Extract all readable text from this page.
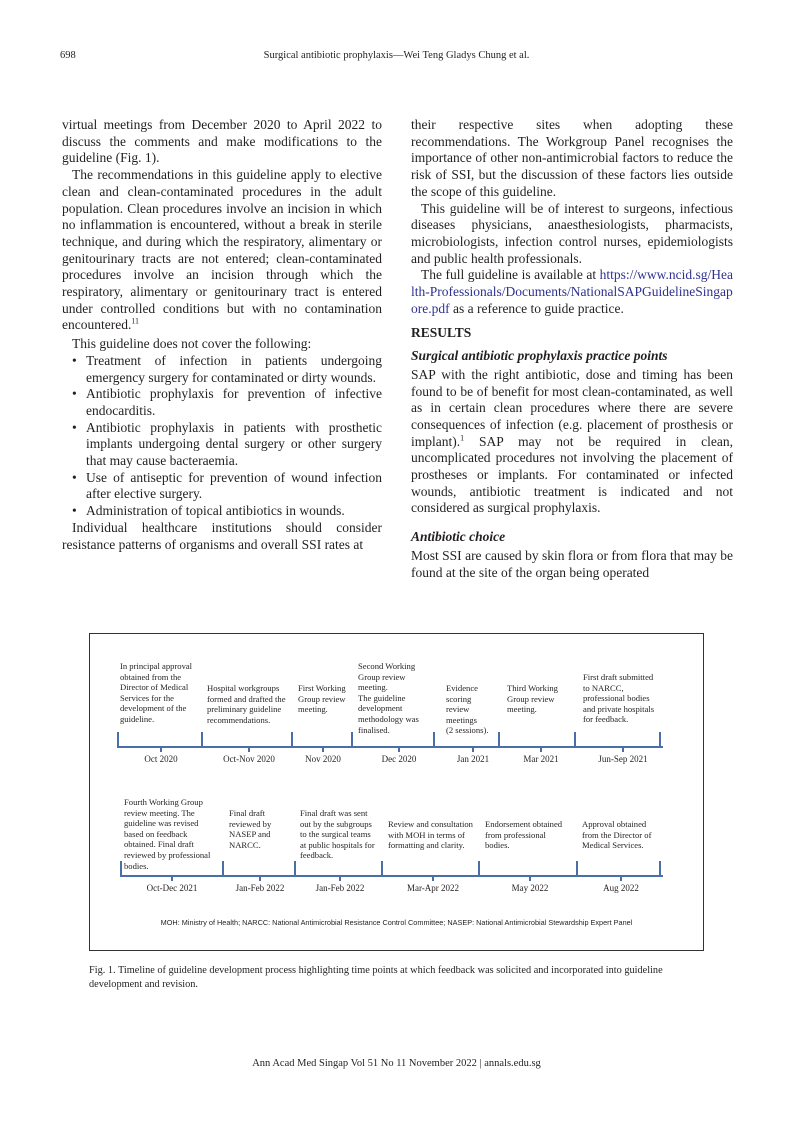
698	Surgical antibiotic prophylaxis—Wei Teng Gladys Chung et al.

virtual meetings from December 2020 to April 2022 to discuss the comments and make modifications to the guideline (Fig. 1).

The recommendations in this guideline apply to elective clean and clean-contaminated procedures in the adult population. Clean procedures involve an incision in which no inflammation is encountered, without a break in sterile technique, and during which the respiratory, alimentary or genitourinary tracts are not entered; clean-contaminated procedures involve an incision through which the respiratory, alimentary or genitourinary tract is entered under controlled conditions but with no contamination encountered.$^{11}$

This guideline does not cover the following:

• Treatment of infection in patients undergoing emergency surgery for contaminated or dirty wounds.
• Antibiotic prophylaxis for prevention of infective endocarditis.
• Antibiotic prophylaxis in patients with prosthetic implants undergoing dental surgery or other surgery that may cause bacteraemia.
• Use of antiseptic for prevention of wound infection after elective surgery.
• Administration of topical antibiotics in wounds.

Individual healthcare institutions should consider resistance patterns of organisms and overall SSI rates at

their respective sites when adopting these recommendations. The Workgroup Panel recognises the importance of other non-antimicrobial factors to reduce the risk of SSI, but the discussion of these factors lies outside the scope of this guideline.

This guideline will be of interest to surgeons, infectious diseases physicians, anaesthesiologists, pharmacists, microbiologists, infection control nurses, epidemiologists and public health professionals.

The full guideline is available at https://www.ncid.sg/Health-Professionals/Documents/NationalSAPGuidelineSingapore.pdf as a reference to guide practice.

RESULTS
Surgical antibiotic prophylaxis practice points

SAP with the right antibiotic, dose and timing has been found to be of benefit for most clean-contaminated, as well as in certain clean procedures where there are severe consequences of infection (e.g. placement of prosthesis or implant).$^1$ SAP may not be required in clean, uncomplicated procedures not involving the placement of prostheses or implants. For contaminated or infected wounds, antibiotic treatment is indicated and not considered as surgical prophylaxis.

Antibiotic choice

Most SSI are caused by skin flora or from flora that may be found at the site of the organ being operated

MOH: Ministry of Health; NARCC: National Antimicrobial Resistance Control Committee; NASEP: National Antimicrobial Stewardship Expert Panel
In principal approval
obtained from the
Director of Medical
Services for the
development of the
guideline.
Hospital workgroups
formed and drafted the
preliminary guideline
recommendations.
First Working
Group review
meeting.
Second Working
Group review
meeting.
The guideline
development
methodology was
finalised.
Evidence
scoring
review
meetings
(2 sessions).
Third Working
Group review
meeting.
First draft submitted
to NARCC,
professional bodies
and private hospitals
for feedback.
Oct 2020	Oct-Nov 2020	Nov 2020	Dec 2020	Jan 2021	Mar 2021	Jun-Sep 2021
Fourth Working Group
review meeting. The
guideline was revised
based on feedback
obtained. Final draft
reviewed by professional
bodies.
Final draft
reviewed by
NASEP and
NARCC.
Final draft was sent
out by the subgroups
to the surgical teams
at public hospitals for
feedback.
Review and consultation
with MOH in terms of
formatting and clarity.
Endorsement obtained
from professional
bodies.
Approval obtained
from the Director of
Medical Services.
Oct-Dec 2021	Jan-Feb 2022	Jan-Feb 2022	Mar-Apr 2022	May 2022	Aug 2022
Fig. 1. Timeline of guideline development process highlighting time points at which feedback was solicited and incorporated into guideline development and revision.
Ann Acad Med Singap Vol 51 No 11 November 2022 | annals.edu.sg
